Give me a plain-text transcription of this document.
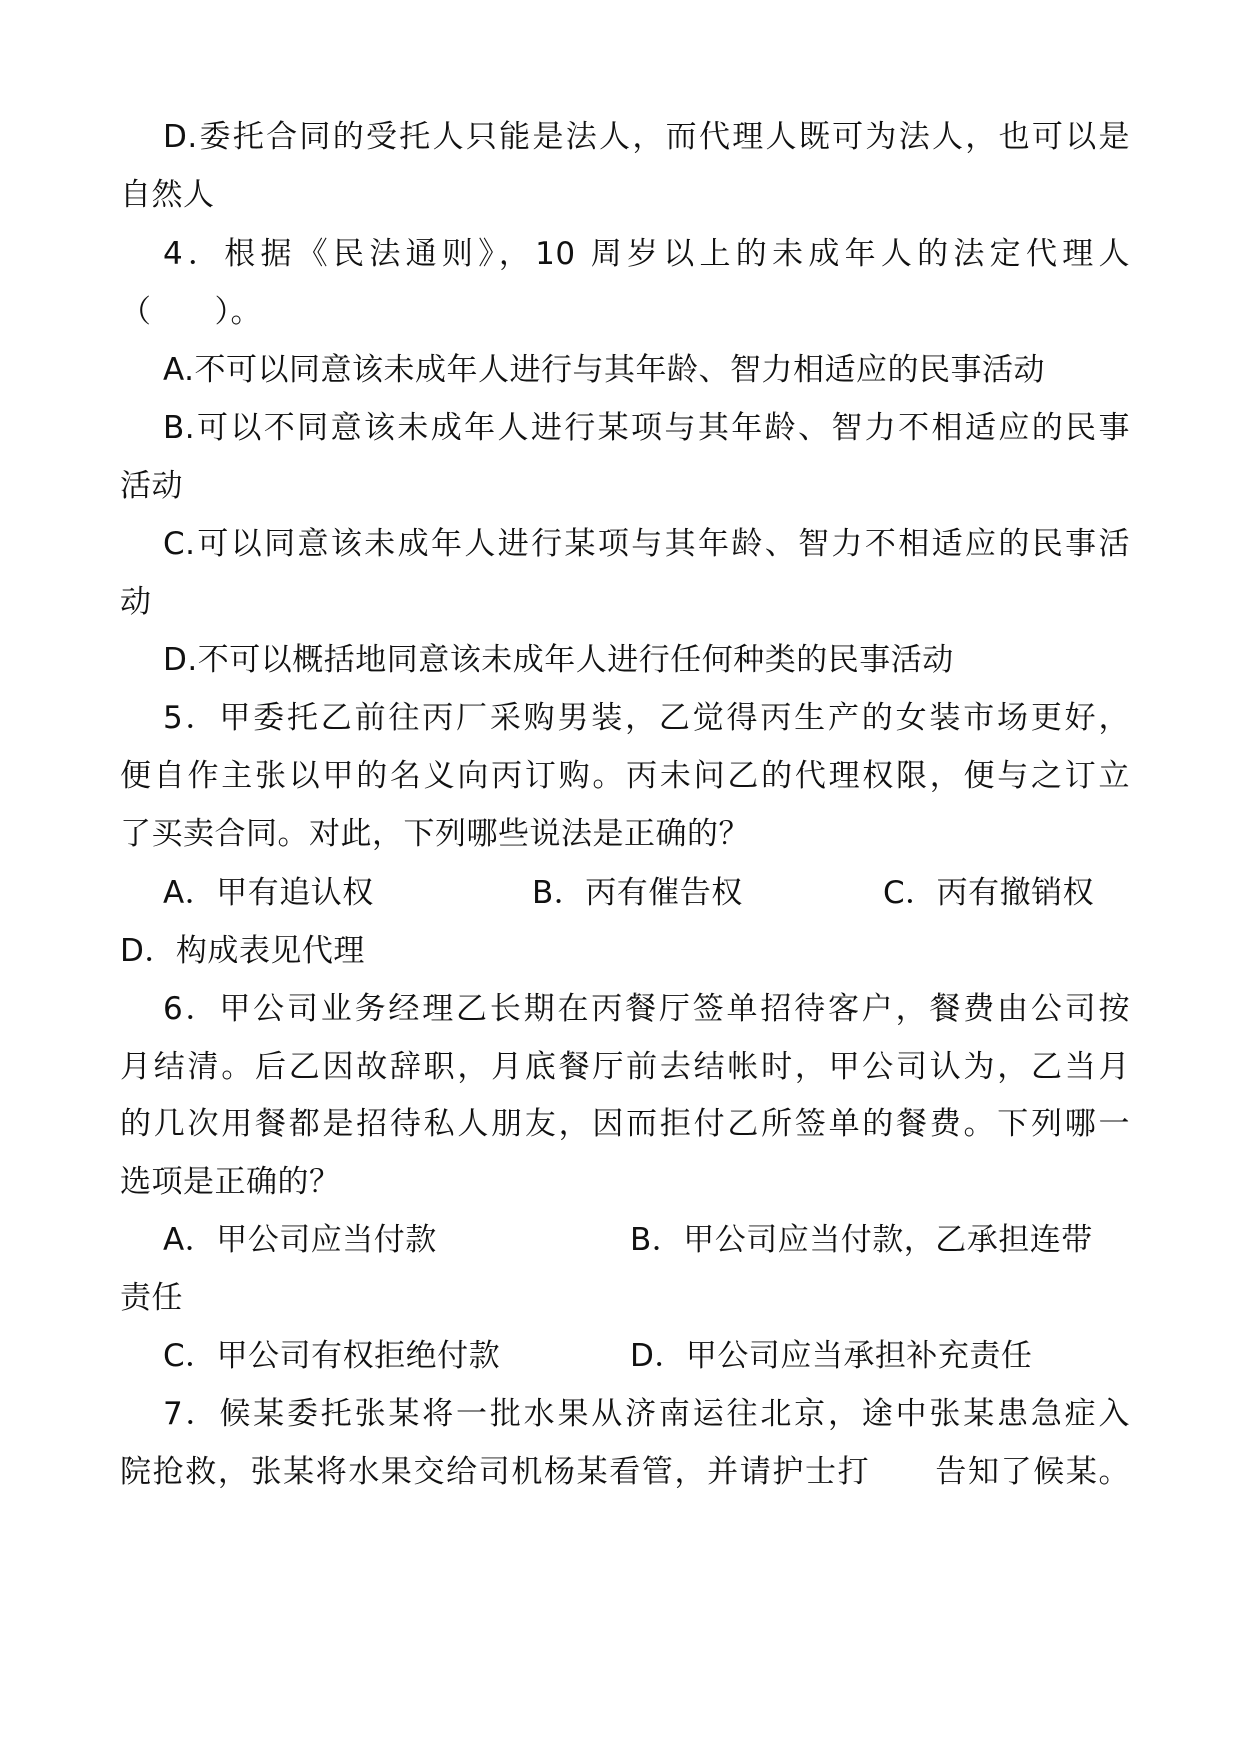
D.委托合同的受托人只能是法人，而代理人既可为法人，也可以是
自然人
4．根据《民法通则》，10 周岁以上的未成年人的法定代理人
（　　）。
A.不可以同意该未成年人进行与其年龄、智力相适应的民事活动
B.可以不同意该未成年人进行某项与其年龄、智力不相适应的民事
活动
C.可以同意该未成年人进行某项与其年龄、智力不相适应的民事活
动
D.不可以概括地同意该未成年人进行任何种类的民事活动
5．甲委托乙前往丙厂采购男装，乙觉得丙生产的女装市场更好，
便自作主张以甲的名义向丙订购。丙未问乙的代理权限，便与之订立
了买卖合同。对此，下列哪些说法是正确的？
A．甲有追认权	B．丙有催告权	C．丙有撤销权
D．构成表见代理
6．甲公司业务经理乙长期在丙餐厅签单招待客户，餐费由公司按
月结清。后乙因故辞职，月底餐厅前去结帐时，甲公司认为，乙当月
的几次用餐都是招待私人朋友，因而拒付乙所签单的餐费。下列哪一
选项是正确的？
A．甲公司应当付款	B．甲公司应当付款，乙承担连带
责任
C．甲公司有权拒绝付款	D．甲公司应当承担补充责任
7．候某委托张某将一批水果从济南运往北京，途中张某患急症入
院抢救，张某将水果交给司机杨某看管，并请护士打　　告知了候某。
